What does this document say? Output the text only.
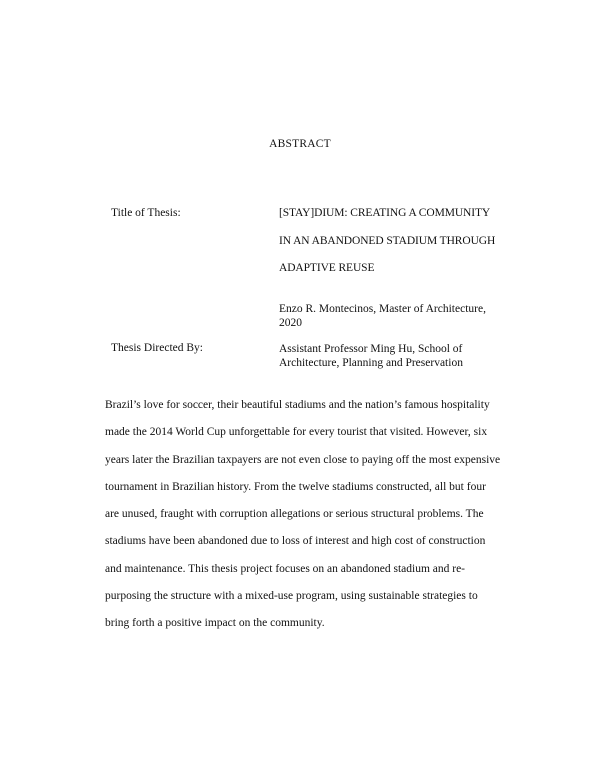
ABSTRACT
Title of Thesis:	[STAY]DIUM: CREATING A COMMUNITY
IN AN ABANDONED STADIUM THROUGH
ADAPTIVE REUSE
Enzo R. Montecinos, Master of Architecture,
2020
Thesis Directed By:	Assistant Professor Ming Hu, School of
Architecture, Planning and Preservation
Brazil’s love for soccer, their beautiful stadiums and the nation’s famous hospitality
made the 2014 World Cup unforgettable for every tourist that visited. However, six
years later the Brazilian taxpayers are not even close to paying off the most expensive
tournament in Brazilian history. From the twelve stadiums constructed, all but four
are unused, fraught with corruption allegations or serious structural problems. The
stadiums have been abandoned due to loss of interest and high cost of construction
and maintenance. This thesis project focuses on an abandoned stadium and re-
purposing the structure with a mixed-use program, using sustainable strategies to
bring forth a positive impact on the community.
